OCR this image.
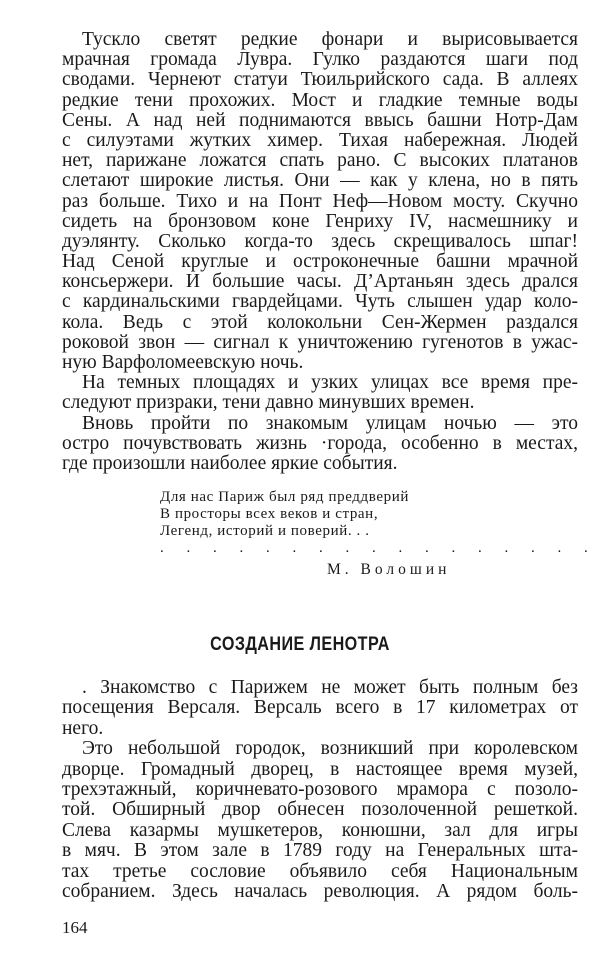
Тускло светят редкие фонари и вырисовывается
мрачная громада Лувра. Гулко раздаются шаги под
сводами. Чернеют статуи Тюильрийского сада. В аллеях
редкие тени прохожих. Мост и гладкие темные воды
Сены. А над ней поднимаются ввысь башни Нотр-Дам
с силуэтами жутких химер. Тихая набережная. Людей
нет, парижане ложатся спать рано. С высоких платанов
слетают широкие листья. Они — как у клена, но в пять
раз больше. Тихо и на Понт Неф—Новом мосту. Скучно
сидеть на бронзовом коне Генриху IV, насмешнику и
дуэлянту. Сколько когда-то здесь скрещивалось шпаг!
Над Сеной круглые и остроконечные башни мрачной
консьержери. И большие часы. Д’Артаньян здесь дрался
с кардинальскими гвардейцами. Чуть слышен удар коло-
кола. Ведь с этой колокольни Сен-Жермен раздался
роковой звон — сигнал к уничтожению гугенотов в ужас-
ную Варфоломеевскую ночь.
На темных площадях и узких улицах все время пре-
следуют призраки, тени давно минувших времен.
Вновь пройти по знакомым улицам ночью — это
остро почувствовать жизнь ·города, особенно в местах,
где произошли наиболее яркие события.
Для нас Париж был ряд преддверий
В просторы всех веков и стран,
Легенд, историй и поверий. . .
. . . . . . . . . . . . . . . . .
М. Волошин
СОЗДАНИЕ ЛЕНОТРА
. Знакомство с Парижем не может быть полным без
посещения Версаля. Версаль всего в 17 километрах от
него.
Это небольшой городок, возникший при королевском
дворце. Громадный дворец, в настоящее время музей,
трехэтажный, коричневато-розового мрамора с позоло-
той. Обширный двор обнесен позолоченной решеткой.
Слева казармы мушкетеров, конюшни, зал для игры
в мяч. В этом зале в 1789 году на Генеральных шта-
тах третье сословие объявило себя Национальным
собранием. Здесь началась революция. А рядом боль-
164
